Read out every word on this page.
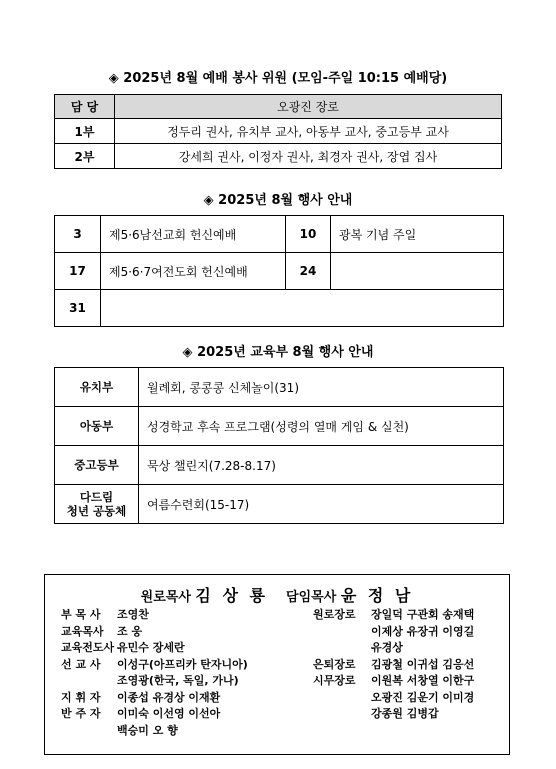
◈ 2025년 8월 예배 봉사 위원 (모임-주일 10:15 예배당)
담 당	오광진 장로
1부	정두리 권사, 유치부 교사, 아동부 교사, 중고등부 교사
2부	강세희 권사, 이정자 권사, 최경자 권사, 장엽 집사
◈ 2025년 8월 행사 안내
3	제5·6남선교회 헌신예배	10	광복 기념 주일
17	제5·6·7여전도회 헌신예배	24	
31			
◈ 2025년 교육부 8월 행사 안내
유치부	월례회, 콩콩콩 신체놀이(31)
아동부	성경학교 후속 프로그램(성령의 열매 게임 & 실천)
중고등부	묵상 챌린지(7.28-8.17)

다드림
청년 공동체	여름수련회(15-17)
원로목사 김 상 룡 담임목사 윤 정 남
부 목 사 조영찬
교육목사 조 웅
교육전도사 유민수 장세란
선 교 사 이성구(아프리카 탄자니아)
조영광(한국, 독일, 가나)
지 휘 자 이종섭 유경상 이재환
반 주 자 이미숙 이선영 이선아
백승미 오 향
원로장로 장일덕 구관회 송재택
이제상 유장귀 이영길
유경상
은퇴장로 김광철 이귀섭 김응선
시무장로 이원복 서창열 이한구
오광진 김운기 이미경
강종원 김병갑
